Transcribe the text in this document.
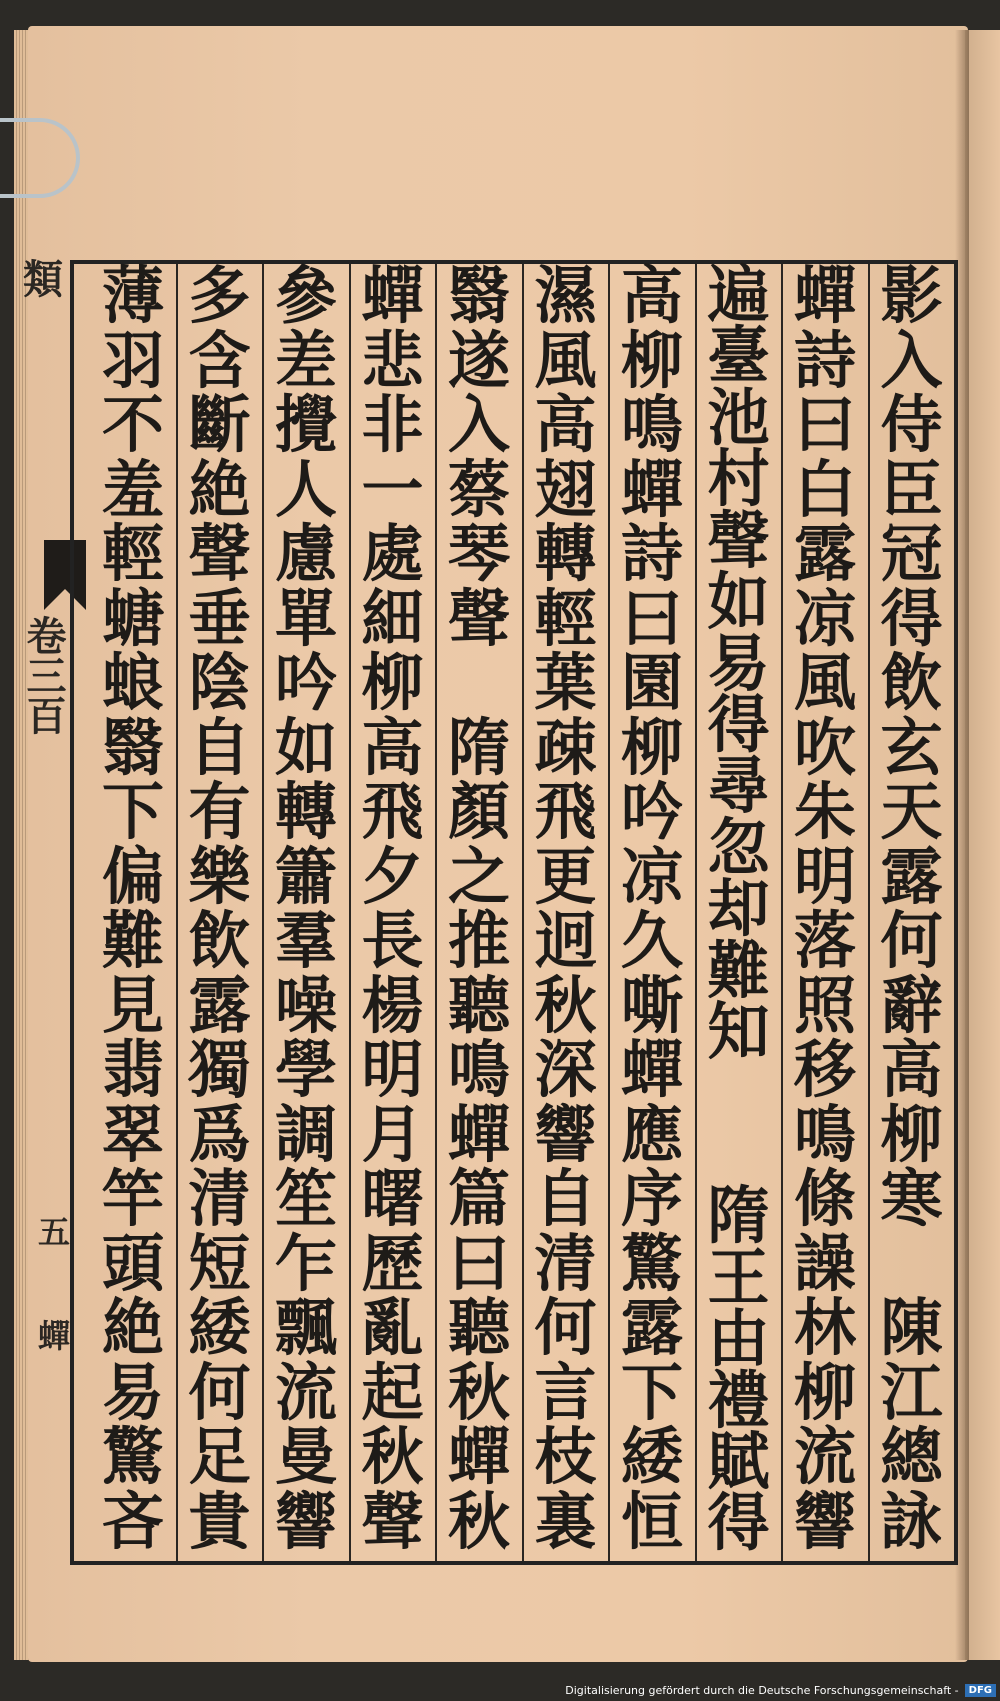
類
卷三百
五
蟬
影
入
侍
臣
冠
得
飲
玄
天
露
何
辭
高
柳
寒

陳
江
總
詠
蟬
詩
曰
白
露
凉
風
吹
朱
明
落
照
移
鳴
條
譟
林
柳
流
響
遍
臺
池
村
聲
如
易
得
尋
忽
却
難
知

隋
王
由
禮
賦
得
高
柳
鳴
蟬
詩
曰
園
柳
吟
凉
久
嘶
蟬
應
序
驚
露
下
緌
恒
濕
風
高
翅
轉
輕
葉
疎
飛
更
迥
秋
深
響
自
清
何
言
枝
裏
翳
遂
入
蔡
琴
聲

隋
顏
之
推
聽
鳴
蟬
篇
曰
聽
秋
蟬
秋
蟬
悲
非
一
處
細
柳
高
飛
夕
長
楊
明
月
曙
歷
亂
起
秋
聲
參
差
攪
人
慮
單
吟
如
轉
簫
羣
噪
學
調
笙
乍
飄
流
曼
響
多
含
斷
絶
聲
垂
陰
自
有
樂
飲
露
獨
爲
清
短
緌
何
足
貴
薄
羽
不
羞
輕
螗
蜋
翳
下
偏
難
見
翡
翠
竿
頭
絶
易
驚
吝
Digitalisierung gefördert durch die Deutsche Forschungsgemeinschaft -	DFG
